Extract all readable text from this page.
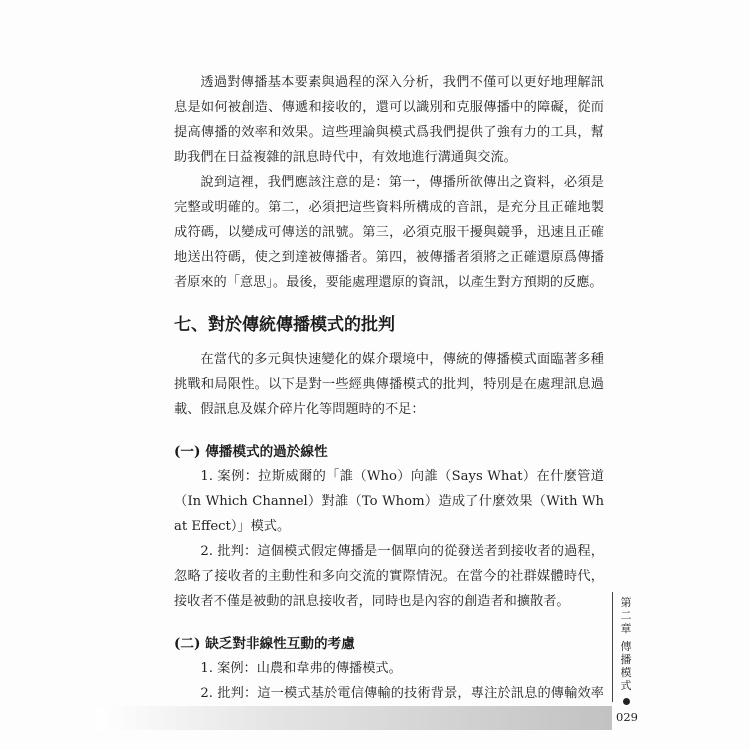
透過對傳播基本要素與過程的深入分析，我們不僅可以更好地理解訊息是如何被創造、傳遞和接收的，還可以識別和克服傳播中的障礙，從而提高傳播的效率和效果。這些理論與模式爲我們提供了強有力的工具，幫助我們在日益複雜的訊息時代中，有效地進行溝通與交流。

說到這裡，我們應該注意的是：第一，傳播所欲傳出之資料，必須是完整或明確的。第二，必須把這些資料所構成的音訊，是充分且正確地製成符碼，以變成可傳送的訊號。第三，必須克服干擾與競爭，迅速且正確地送出符碼，使之到達被傳播者。第四，被傳播者須將之正確還原爲傳播者原來的「意思」。最後，要能處理還原的資訊，以產生對方預期的反應。

七、對於傳統傳播模式的批判

在當代的多元與快速變化的媒介環境中，傳統的傳播模式面臨著多種挑戰和局限性。以下是對一些經典傳播模式的批判，特別是在處理訊息過載、假訊息及媒介碎片化等問題時的不足：

(一) 傳播模式的過於線性

1. 案例：拉斯威爾的「誰（Who）向誰（Says What）在什麼管道（In Which Channel）對誰（To Whom）造成了什麼效果（With What Effect）」模式。

2. 批判：這個模式假定傳播是一個單向的從發送者到接收者的過程，忽略了接收者的主動性和多向交流的實際情況。在當今的社群媒體時代，接收者不僅是被動的訊息接收者，同時也是內容的創造者和擴散者。

(二) 缺乏對非線性互動的考慮

1. 案例：山農和韋弗的傳播模式。

2. 批判：這一模式基於電信傳輸的技術背景，專注於訊息的傳輸效率

第二章
傳播模式
029
